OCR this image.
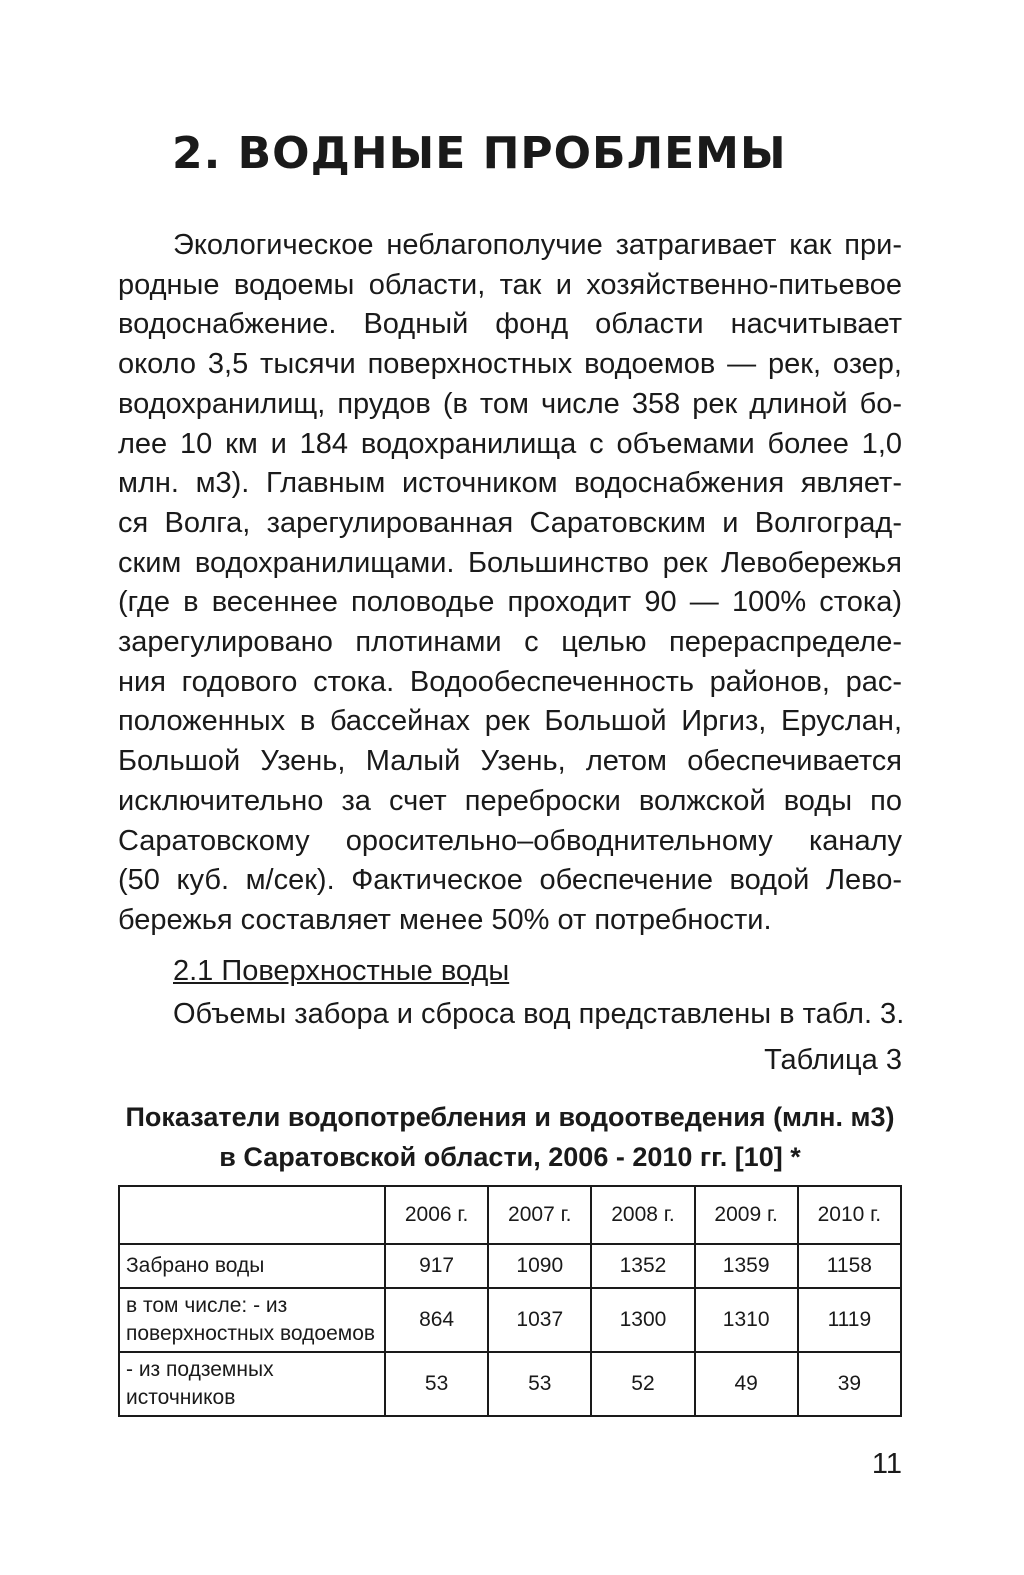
2. ВОДНЫЕ ПРОБЛЕМЫ
Экологическое неблагополучие затрагивает как при-
родные водоемы области, так и хозяйственно-питьевое
водоснабжение. Водный фонд области насчитывает
около 3,5 тысячи поверхностных водоемов — рек, озер,
водохранилищ, прудов (в том числе 358 рек длиной бо-
лее 10 км и 184 водохранилища с объемами более 1,0
млн. м3). Главным источником водоснабжения являет-
ся Волга, зарегулированная Саратовским и Волгоград-
ским водохранилищами. Большинство рек Левобережья
(где в весеннее половодье проходит 90 — 100% стока)
зарегулировано плотинами с целью перераспределе-
ния годового стока. Водообеспеченность районов, рас-
положенных в бассейнах рек Большой Иргиз, Еруслан,
Большой Узень, Малый Узень, летом обеспечивается
исключительно за счет переброски волжской воды по
Саратовскому оросительно–обводнительному каналу
(50 куб. м/сек). Фактическое обеспечение водой Лево-
бережья составляет менее 50% от потребности.

2.1 Поверхностные воды

Объемы забора и сброса вод представлены в табл. 3.

Таблица 3

Показатели водопотребления и водоотведения (млн. м3)
в Саратовской области, 2006 - 2010 гг. [10] *
	2006 г.	2007 г.	2008 г.	2009 г.	2010 г.
Забрано воды	917	1090	1352	1359	1158
в том числе: - из поверхностных водоемов	864	1037	1300	1310	1119
- из подземных источников	53	53	52	49	39

11
